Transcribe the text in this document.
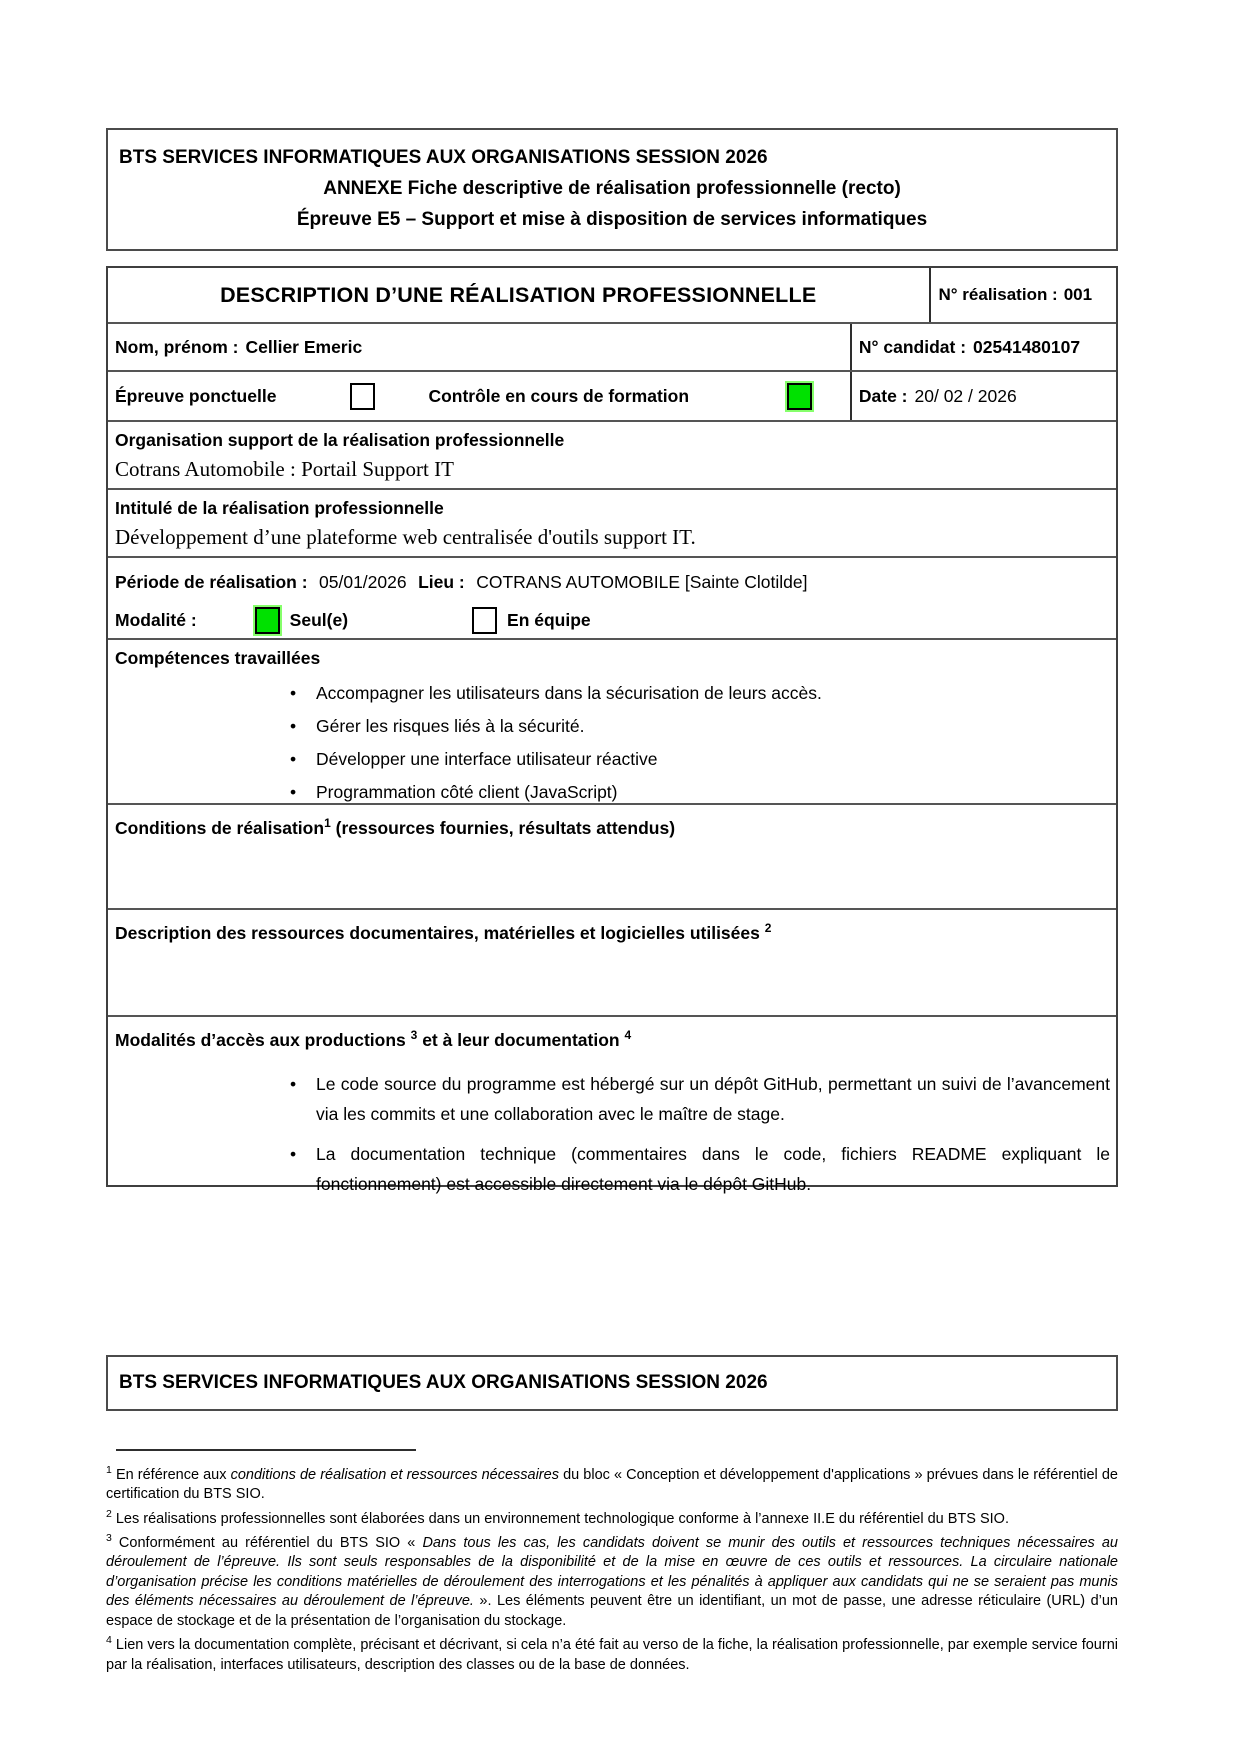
BTS SERVICES INFORMATIQUES AUX ORGANISATIONS SESSION 2026
ANNEXE Fiche descriptive de réalisation professionnelle (recto)
Épreuve E5 – Support et mise à disposition de services informatiques
DESCRIPTION D’UNE RÉALISATION PROFESSIONNELLE	N° réalisation : 001
Nom, prénom : Cellier Emeric	N° candidat : 02541480107
Épreuve ponctuelle	Contrôle en cours de formation	Date : 20/ 02 / 2026
Organisation support de la réalisation professionnelle
Cotrans Automobile : Portail Support IT
Intitulé de la réalisation professionnelle
Développement d’une plateforme web centralisée d'outils support IT.
Période de réalisation : 05/01/2026 Lieu : COTRANS AUTOMOBILE [Sainte Clotilde]
Modalité :	Seul(e)	En équipe
Compétences travaillées
• Accompagner les utilisateurs dans la sécurisation de leurs accès.
• Gérer les risques liés à la sécurité.
• Développer une interface utilisateur réactive
• Programmation côté client (JavaScript)
Conditions de réalisation$^1$ (ressources fournies, résultats attendus)
Description des ressources documentaires, matérielles et logicielles utilisées $^2$
Modalités d’accès aux productions $^3$ et à leur documentation $^4$
• Le code source du programme est hébergé sur un dépôt GitHub, permettant un suivi de l’avancement via les commits et une collaboration avec le maître de stage.
• La documentation technique (commentaires dans le code, fichiers README expliquant le fonctionnement) est accessible directement via le dépôt GitHub.
BTS SERVICES INFORMATIQUES AUX ORGANISATIONS SESSION 2026
$^1$ En référence aux conditions de réalisation et ressources nécessaires du bloc « Conception et développement d'applications » prévues dans le référentiel de certification du BTS SIO.
$^2$ Les réalisations professionnelles sont élaborées dans un environnement technologique conforme à l’annexe II.E du référentiel du BTS SIO.
$^3$ Conformément au référentiel du BTS SIO « Dans tous les cas, les candidats doivent se munir des outils et ressources techniques nécessaires au déroulement de l’épreuve. Ils sont seuls responsables de la disponibilité et de la mise en œuvre de ces outils et ressources. La circulaire nationale d’organisation précise les conditions matérielles de déroulement des interrogations et les pénalités à appliquer aux candidats qui ne se seraient pas munis des éléments nécessaires au déroulement de l’épreuve. ». Les éléments peuvent être un identifiant, un mot de passe, une adresse réticulaire (URL) d’un espace de stockage et de la présentation de l’organisation du stockage.
$^4$ Lien vers la documentation complète, précisant et décrivant, si cela n’a été fait au verso de la fiche, la réalisation professionnelle, par exemple service fourni par la réalisation, interfaces utilisateurs, description des classes ou de la base de données.
